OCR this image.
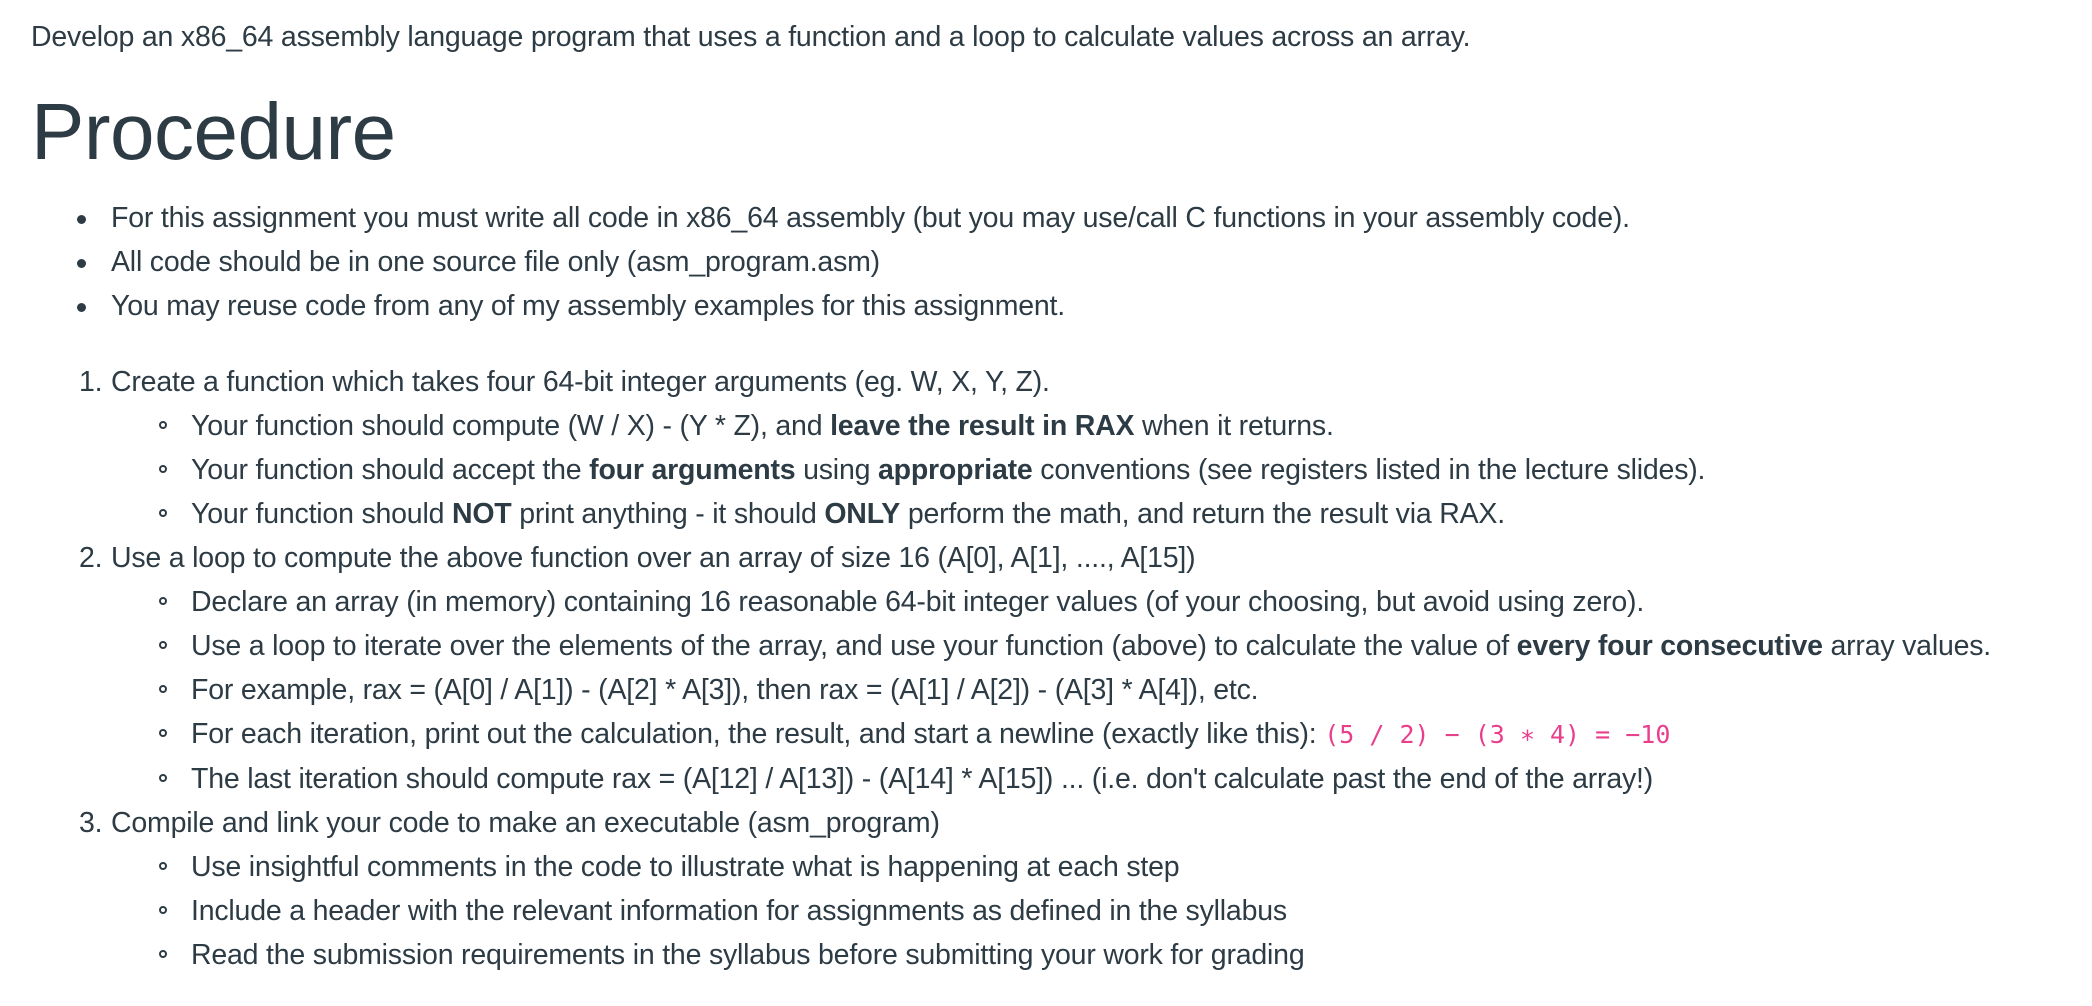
Develop an x86_64 assembly language program that uses a function and a loop to calculate values across an array.

Procedure
For this assignment you must write all code in x86_64 assembly (but you may use/call C functions in your assembly code).
All code should be in one source file only (asm_program.asm)
You may reuse code from any of my assembly examples for this assignment.
1. Create a function which takes four 64-bit integer arguments (eg. W, X, Y, Z).
Your function should compute (W / X) - (Y * Z), and leave the result in RAX when it returns.
Your function should accept the four arguments using appropriate conventions (see registers listed in the lecture slides).
Your function should NOT print anything - it should ONLY perform the math, and return the result via RAX.
2. Use a loop to compute the above function over an array of size 16 (A[0], A[1], ...., A[15])
Declare an array (in memory) containing 16 reasonable 64-bit integer values (of your choosing, but avoid using zero).
Use a loop to iterate over the elements of the array, and use your function (above) to calculate the value of every four consecutive array values.
For example, rax = (A[0] / A[1]) - (A[2] * A[3]), then rax = (A[1] / A[2]) - (A[3] * A[4]), etc.
For each iteration, print out the calculation, the result, and start a newline (exactly like this): (5 / 2) − (3 ∗ 4) = −10
The last iteration should compute rax = (A[12] / A[13]) - (A[14] * A[15]) ... (i.e. don't calculate past the end of the array!)
3. Compile and link your code to make an executable (asm_program)
Use insightful comments in the code to illustrate what is happening at each step
Include a header with the relevant information for assignments as defined in the syllabus
Read the submission requirements in the syllabus before submitting your work for grading
